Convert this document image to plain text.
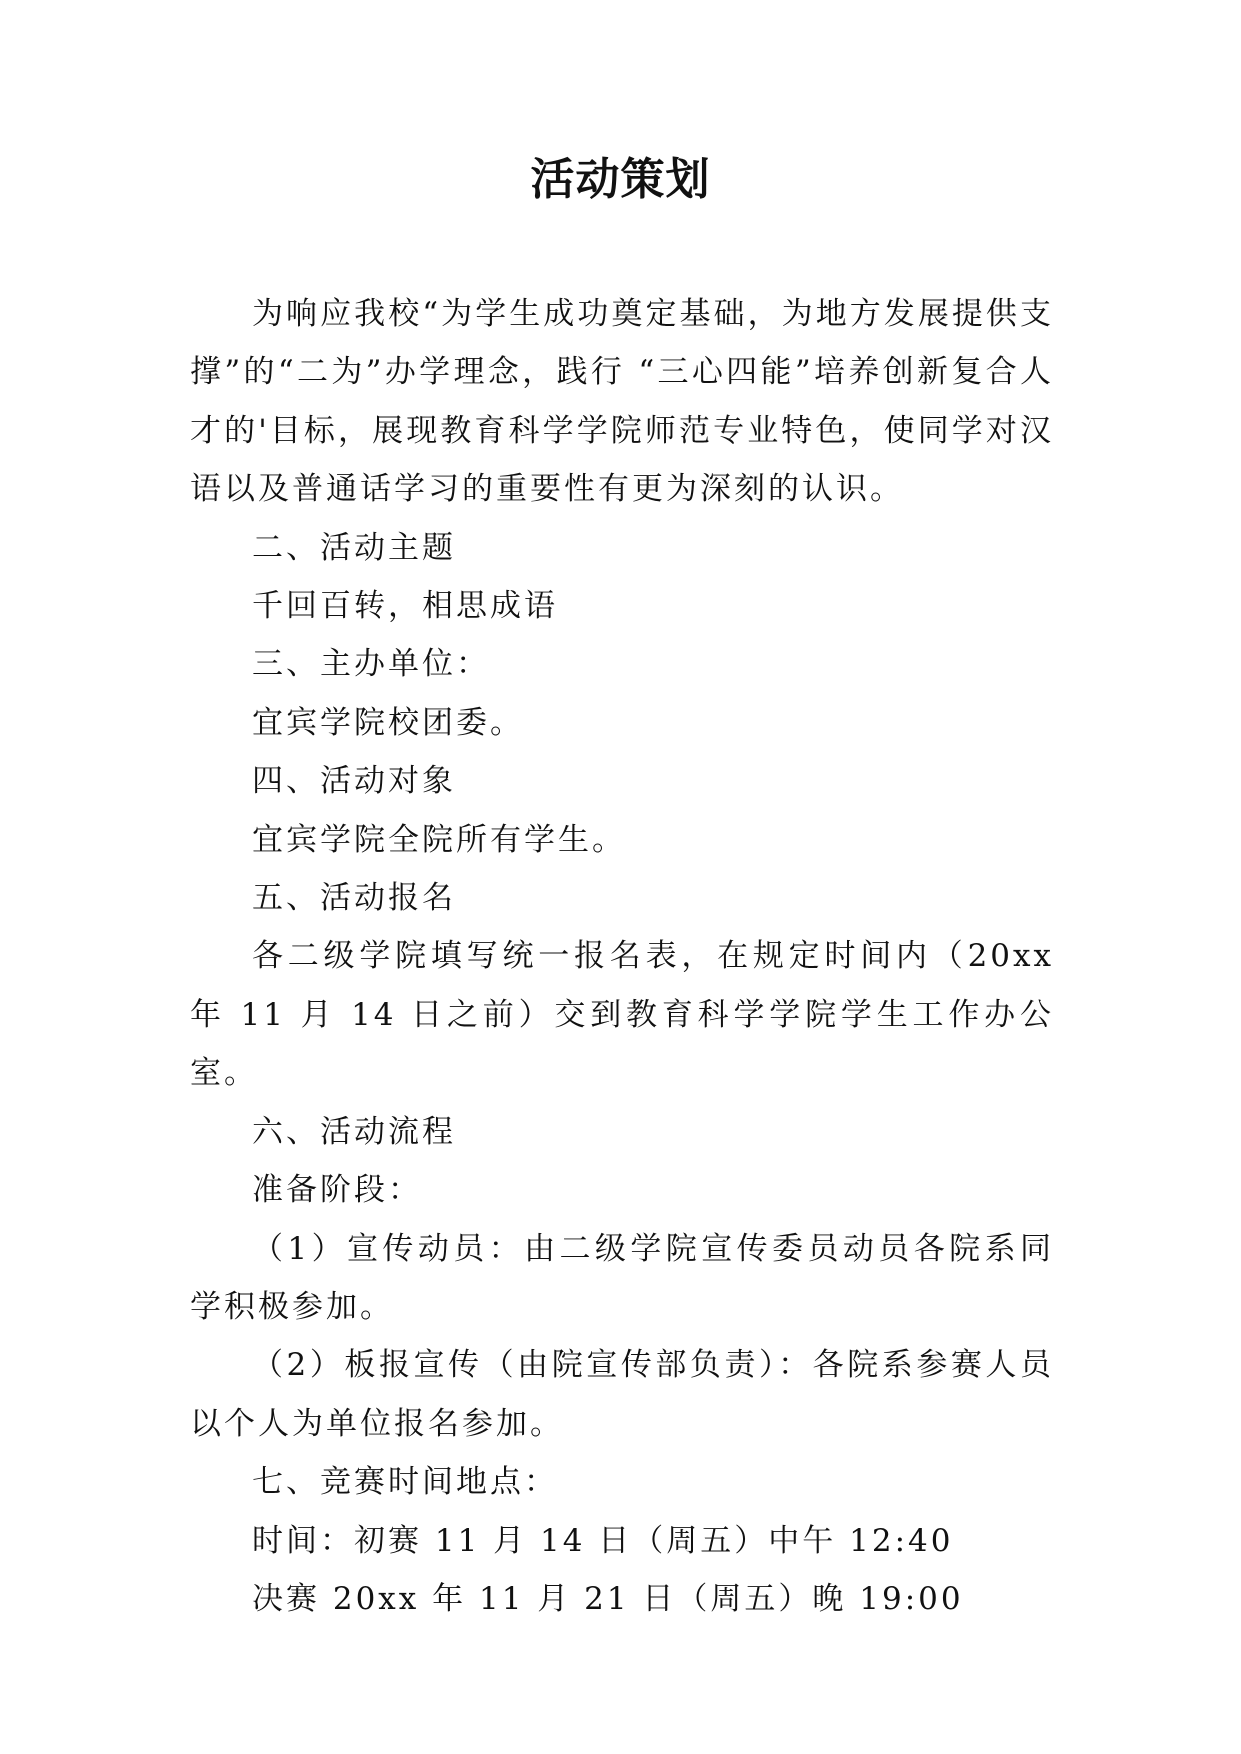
活动策划

为响应我校“为学生成功奠定基础，为地方发展提供支撑”的“二为”办学理念，践行 “三心四能”培养创新复合人才的'目标，展现教育科学学院师范专业特色，使同学对汉语以及普通话学习的重要性有更为深刻的认识。

二、活动主题

千回百转，相思成语

三、主办单位：

宜宾学院校团委。

四、活动对象

宜宾学院全院所有学生。

五、活动报名

各二级学院填写统一报名表，在规定时间内（20xx 年 11 月 14 日之前）交到教育科学学院学生工作办公室。

六、活动流程

准备阶段：

（1）宣传动员：由二级学院宣传委员动员各院系同学积极参加。

（2）板报宣传（由院宣传部负责）：各院系参赛人员以个人为单位报名参加。

七、竞赛时间地点：

时间：初赛 11 月 14 日（周五）中午 12:40

决赛 20xx 年 11 月 21 日（周五）晚 19:00
